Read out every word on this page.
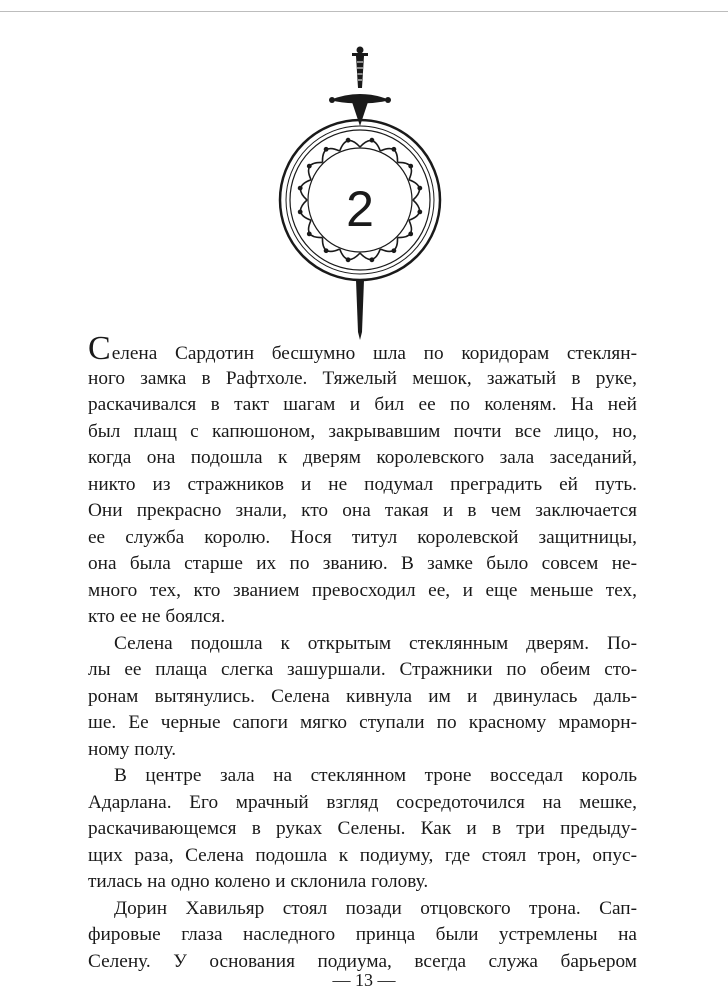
2
Селена Сардотин бесшумно шла по коридорам стеклян-
ного замка в Рафтхоле. Тяжелый мешок, зажатый в руке,
раскачивался в такт шагам и бил ее по коленям. На ней
был плащ с капюшоном, закрывавшим почти все лицо, но,
когда она подошла к дверям королевского зала заседаний,
никто из стражников и не подумал преградить ей путь.
Они прекрасно знали, кто она такая и в чем заключается
ее служба королю. Нося титул королевской защитницы,
она была старше их по званию. В замке было совсем не-
много тех, кто званием превосходил ее, и еще меньше тех,
кто ее не боялся.
Селена подошла к открытым стеклянным дверям. По-
лы ее плаща слегка зашуршали. Стражники по обеим сто-
ронам вытянулись. Селена кивнула им и двинулась даль-
ше. Ее черные сапоги мягко ступали по красному мраморн-
ному полу.
В центре зала на стеклянном троне восседал король
Адарлана. Его мрачный взгляд сосредоточился на мешке,
раскачивающемся в руках Селены. Как и в три предыду-
щих раза, Селена подошла к подиуму, где стоял трон, опус-
тилась на одно колено и склонила голову.
Дорин Хавильяр стоял позади отцовского трона. Сап-
фировые глаза наследного принца были устремлены на
Селену. У основания подиума, всегда служа барьером
— 13 —
